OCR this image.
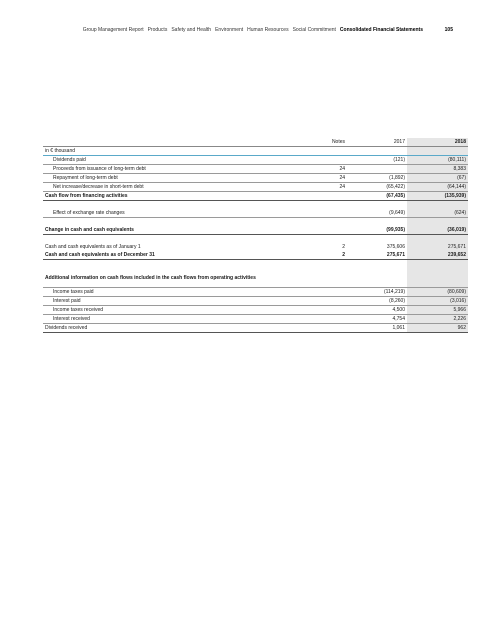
Group Management Report Products Safety and Health Environment Human Resources Social Commitment Consolidated Financial Statements	105
	Notes	2017	2018
in € thousand			
Dividends paid		(121)	(80,111)
Proceeds from issuance of long-term debt	24		8,383
Repayment of long-term debt	24	(1,892)	(67)
Net increase/decrease in short-term debt	24	(65,422)	(64,144)
Cash flow from financing activities		(67,435)	(135,939)

Effect of exchange rate changes		(9,649)	(624)

Change in cash and cash equivalents		(99,935)	(36,019)

Cash and cash equivalents as of January 1	2	375,606	275,671
Cash and cash equivalents as of December 31	2	275,671	239,652

Additional information on cash flows included in the cash flows from operating activities			
Income taxes paid		(114,219)	(80,609)
Interest paid		(8,260)	(3,016)
Income taxes received		4,500	5,966
Interest received		4,754	2,226
Dividends received		1,061	962
